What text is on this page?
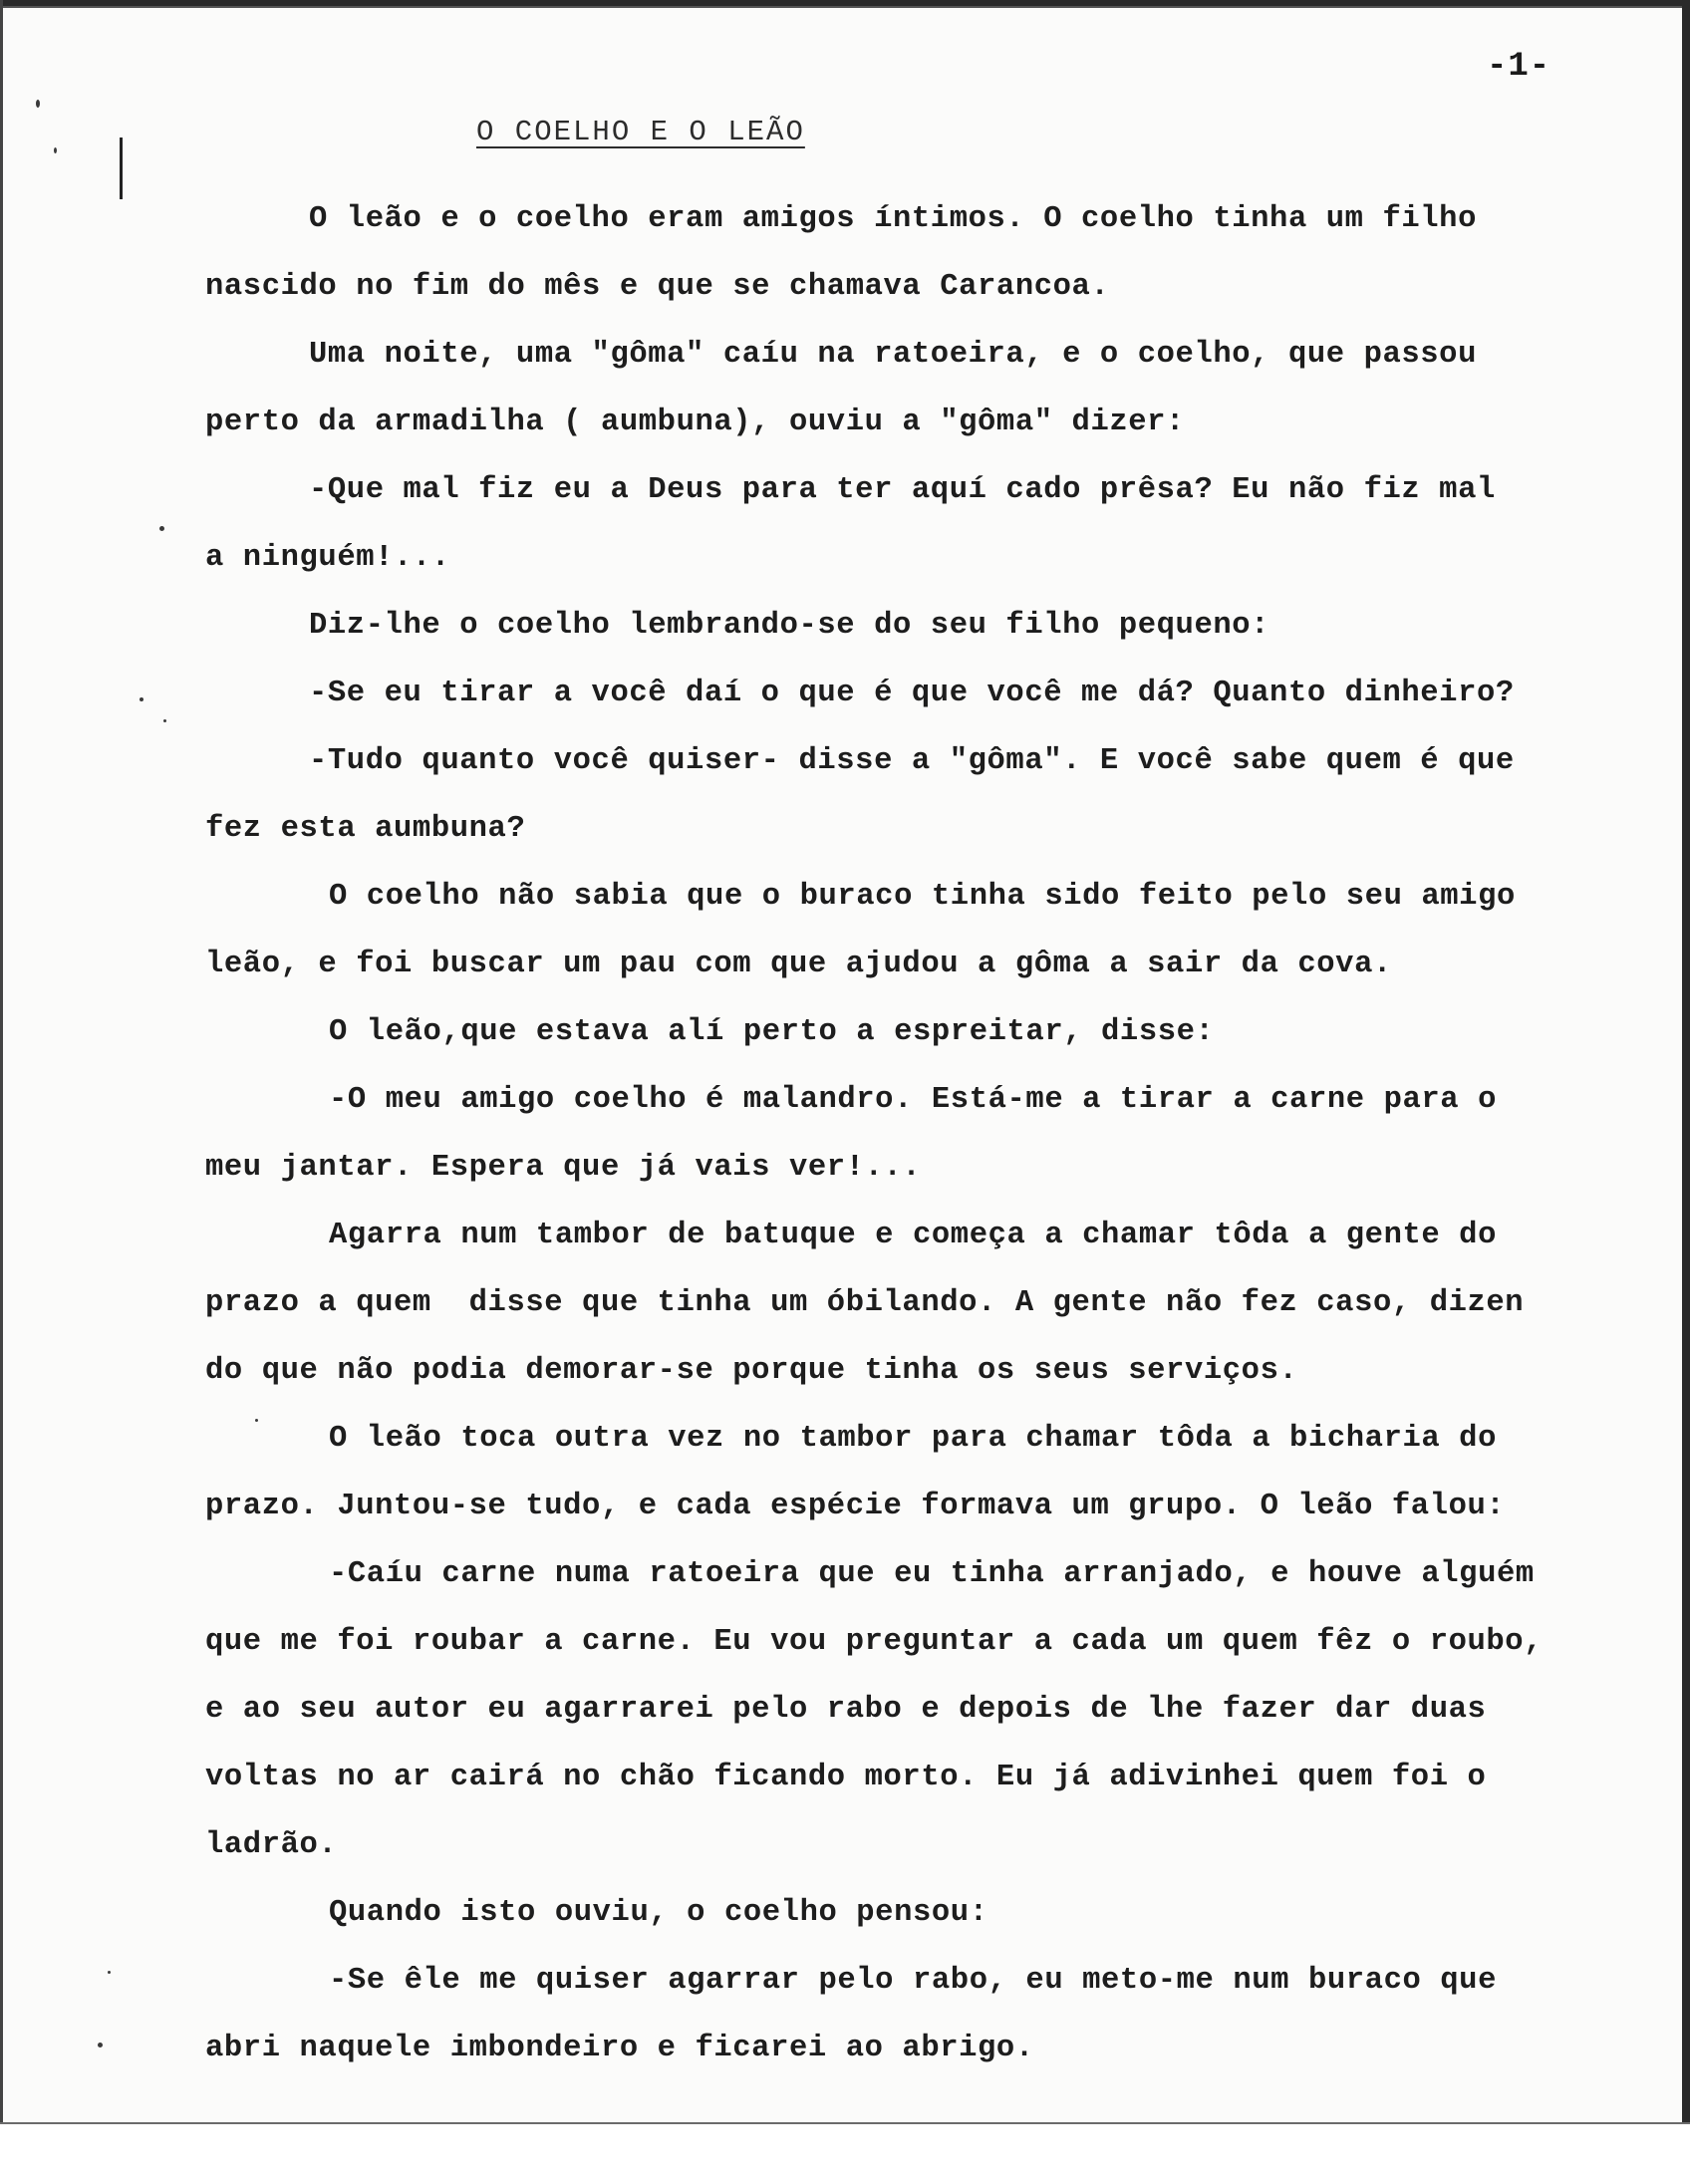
-1-
O COELHO E O LEÃO
O leão e o coelho eram amigos íntimos. O coelho tinha um filho
nascido no fim do mês e que se chamava Carancoa.
Uma noite, uma "gôma" caíu na ratoeira, e o coelho, que passou
perto da armadilha ( aumbuna), ouviu a "gôma" dizer:
-Que mal fiz eu a Deus para ter aquí cado prêsa? Eu não fiz mal
a ninguém!...
Diz-lhe o coelho lembrando-se do seu filho pequeno:
-Se eu tirar a você daí o que é que você me dá? Quanto dinheiro?
-Tudo quanto você quiser- disse a "gôma". E você sabe quem é que
fez esta aumbuna?
O coelho não sabia que o buraco tinha sido feito pelo seu amigo
leão, e foi buscar um pau com que ajudou a gôma a sair da cova.
O leão,que estava alí perto a espreitar, disse:
-O meu amigo coelho é malandro. Está-me a tirar a carne para o
meu jantar. Espera que já vais ver!...
Agarra num tambor de batuque e começa a chamar tôda a gente do
prazo a quem  disse que tinha um óbilando. A gente não fez caso, dizen
do que não podia demorar-se porque tinha os seus serviços.
O leão toca outra vez no tambor para chamar tôda a bicharia do
prazo. Juntou-se tudo, e cada espécie formava um grupo. O leão falou:
-Caíu carne numa ratoeira que eu tinha arranjado, e houve alguém
que me foi roubar a carne. Eu vou preguntar a cada um quem fêz o roubo,
e ao seu autor eu agarrarei pelo rabo e depois de lhe fazer dar duas
voltas no ar cairá no chão ficando morto. Eu já adivinhei quem foi o
ladrão.
Quando isto ouviu, o coelho pensou:
-Se êle me quiser agarrar pelo rabo, eu meto-me num buraco que
abri naquele imbondeiro e ficarei ao abrigo.
